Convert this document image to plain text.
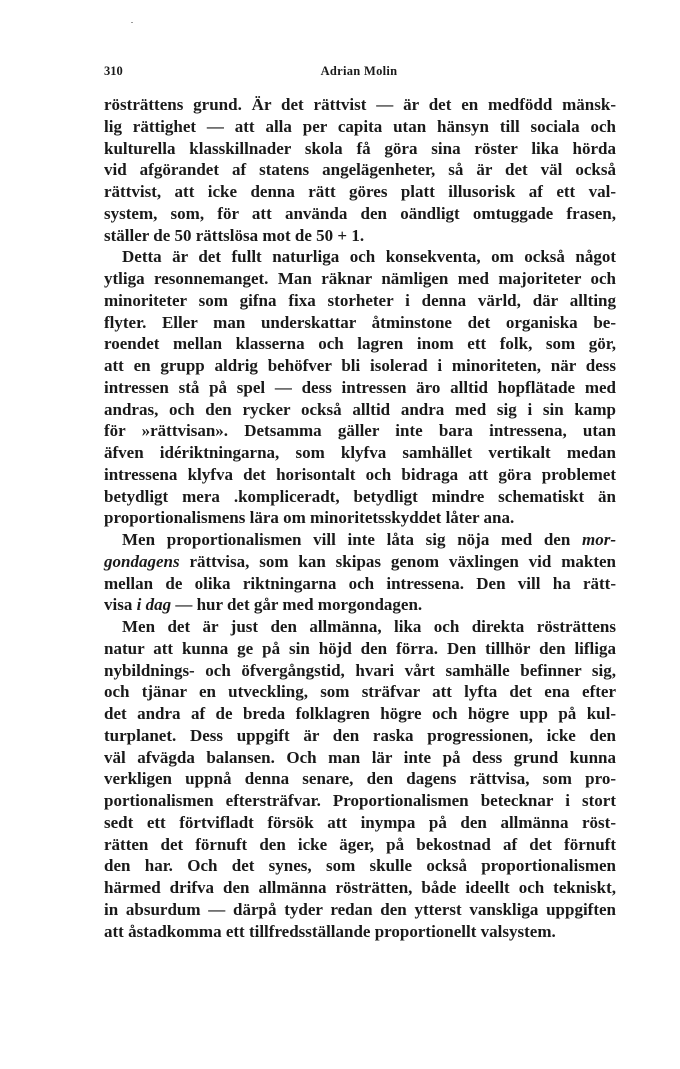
310	Adrian Molin
rösträttens grund. Är det rättvist — är det en medfödd mänsk-
lig rättighet — att alla per capita utan hänsyn till sociala och
kulturella klasskillnader skola få göra sina röster lika hörda
vid afgörandet af statens angelägenheter, så är det väl också
rättvist, att icke denna rätt göres platt illusorisk af ett val-
system, som, för att använda den oändligt omtuggade frasen,
ställer de 50 rättslösa mot de 50 + 1.
Detta är det fullt naturliga och konsekventa, om också något
ytliga resonnemanget. Man räknar nämligen med majoriteter och
minoriteter som gifna fixa storheter i denna värld, där allting
flyter. Eller man underskattar åtminstone det organiska be-
roendet mellan klasserna och lagren inom ett folk, som gör,
att en grupp aldrig behöfver bli isolerad i minoriteten, när dess
intressen stå på spel — dess intressen äro alltid hopflätade med
andras, och den rycker också alltid andra med sig i sin kamp
för »rättvisan». Detsamma gäller inte bara intressena, utan
äfven idériktningarna, som klyfva samhället vertikalt medan
intressena klyfva det horisontalt och bidraga att göra problemet
betydligt mera .kompliceradt, betydligt mindre schematiskt än
proportionalismens lära om minoritetsskyddet låter ana.
Men proportionalismen vill inte låta sig nöja med den mor-
gondagens rättvisa, som kan skipas genom växlingen vid makten
mellan de olika riktningarna och intressena. Den vill ha rätt-
visa i dag — hur det går med morgondagen.
Men det är just den allmänna, lika och direkta rösträttens
natur att kunna ge på sin höjd den förra. Den tillhör den lifliga
nybildnings- och öfvergångstid, hvari vårt samhälle befinner sig,
och tjänar en utveckling, som sträfvar att lyfta det ena efter
det andra af de breda folklagren högre och högre upp på kul-
turplanet. Dess uppgift är den raska progressionen, icke den
väl afvägda balansen. Och man lär inte på dess grund kunna
verkligen uppnå denna senare, den dagens rättvisa, som pro-
portionalismen eftersträfvar. Proportionalismen betecknar i stort
sedt ett förtvifladt försök att inympa på den allmänna röst-
rätten det förnuft den icke äger, på bekostnad af det förnuft
den har. Och det synes, som skulle också proportionalismen
härmed drifva den allmänna rösträtten, både ideellt och tekniskt,
in absurdum — därpå tyder redan den ytterst vanskliga uppgiften
att åstadkomma ett tillfredsställande proportionellt valsystem.
